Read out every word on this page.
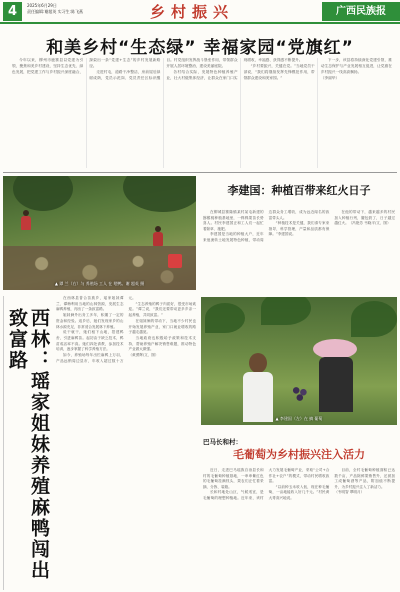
4	2025年6月29日
责任编辑:谢超英 实习生:陈飞燕	乡村振兴	广西民族报
和美乡村“生态绿” 幸福家园“党旗红”

今年以来，柳州市鹿寨县以党建为引领，聚焦和美乡村建设，坚持生态优先、绿色发展，把党建工作与乡村振兴深度融合，探索出一条“党建+生态”的乡村发展新路径。

走进村屯，道路干净整洁，房前屋后绿树成荫，党员示范岗、党员责任区标识醒目。村党组织发挥战斗堡垒作用，带领群众开展人居环境整治，建设美丽庭院。

各村结合实际，发展特色种植养殖产业，壮大村级集体经济，让群众在家门口实现增收，幸福感、获得感不断提升。

“乡村要振兴，关键在党。”当地党员干部说，“我们将继续发挥先锋模范作用，带领群众建设和美家园。”

下一步，该县将持续深化党建引领，推动生态保护与产业发展相互促进，让党旗在乡村振兴一线高高飘扬。

（李丽华）

▲ 谭 兰（右）与 养殖场 工人 在 喂鸭。谢 超英 摄
李建国：种植百带来红火日子

在柳城县寨隆镇某村某屯新建的猕猴桃种植基地里，一株株果苗长势喜人。村民李建国正和工人们一起忙着除草、施肥。

李建国是当地的种植大户，近年来他流转土地发展特色种植，带动周边群众务工增收，成为远近闻名的致富带头人。

“种植技术是关键，我们请专家来指导，科学管理，产量和品质都有保障。”李建国说。

在他的带动下，越来越多的村民加入种植行列，腰包鼓了，日子越过越红火。（冯艳芳 韦晓平/文、图）

西林：瑶家姐妹养殖麻鸭闯出致富路

在西林县普合苗族乡，瑶家姐妹谭兰、谭梅利用当地的山林资源，发展生态麻鸭养殖，闯出了一条致富路。

姐妹俩外出务工多年，积累了一定的资金和经验。返乡后，她们发现家乡的山林水源充足，非常适合发展林下养殖。

说干就干，她们租下山地，搭建鸭舍，引进麻鸭苗。起初由于缺乏技术，鸭苗成活率不高。她们四处请教，参加技术培训，逐步掌握了科学养殖方法。

如今，养殖场每年出栏麻鸭上万羽，产品远销周边县市，年收入超过数十万元。

“生态养殖的鸭子肉质好，很受市场欢迎。”谭兰说，“我们还要带动更多乡亲一起养殖，共同致富。”

在姐妹俩的带动下，当地不少村民也开始发展养殖产业，家门口就业增收的路子越走越宽。

当地政府也积极给予政策和技术支持，帮助养殖户解决销售难题，推动特色产业做大做强。

（黄勇辉/文、图）

▲ 李建国（左）在 摘 葡萄
巴马长和村：
毛葡萄为乡村振兴注入活力

近日，走进巴马瑶族自治县长和村的毛葡萄种植基地，一串串紫红色的毛葡萄挂满枝头，果农们正忙着采摘、分拣、装箱。

长和村地处山区，气候适宜，是毛葡萄的理想种植地。近年来，该村大力发展毛葡萄产业，采取“公司+合作社+农户”的模式，带动村民增收致富。

“以前种玉米收入低，现在种毛葡萄，一亩地能收入好几千元。”村民黄大哥高兴地说。

目前，全村毛葡萄种植面积已达数千亩，产品除鲜果销售外，还被加工成葡萄酒等产品，附加值不断提升，为乡村振兴注入了新活力。

（韦明智 覃明月）
